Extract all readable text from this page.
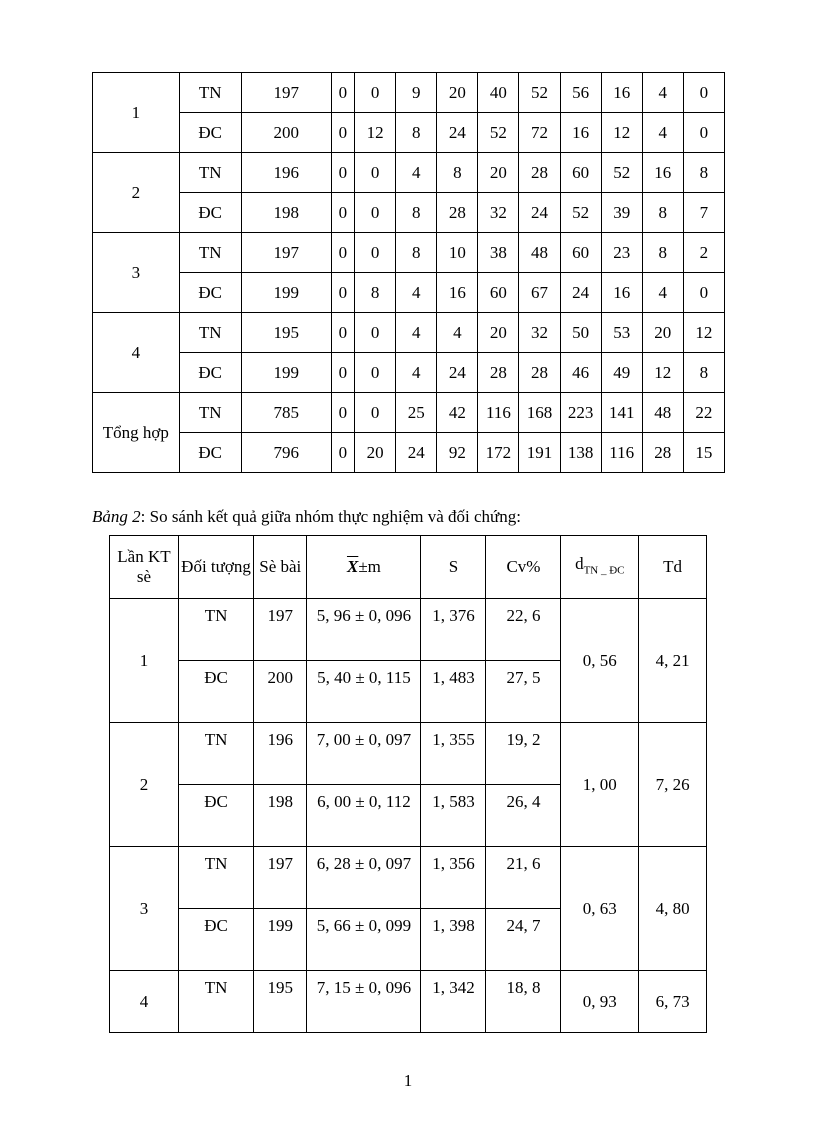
1	TN	197	0	0	9	20	40	52	56	16	4	0
	ĐC	200	0	12	8	24	52	72	16	12	4	0
2	TN	196	0	0	4	8	20	28	60	52	16	8
	ĐC	198	0	0	8	28	32	24	52	39	8	7
3	TN	197	0	0	8	10	38	48	60	23	8	2
	ĐC	199	0	8	4	16	60	67	24	16	4	0
4	TN	195	0	0	4	4	20	32	50	53	20	12
	ĐC	199	0	0	4	24	28	28	46	49	12	8
Tổng hợp	TN	785	0	0	25	42	116	168	223	141	48	22
	ĐC	796	0	20	24	92	172	191	138	116	28	15
Bảng 2: So sánh kết quả giữa nhóm thực nghiệm và đối chứng:
Lần KT sè	Đối tượng	Sè bài	$\overline{X}\pm m$	S	Cv%	$d_{TN \_ ĐC}$	Td
1	TN	197	5, 96 ± 0, 096	1, 376	22, 6	0, 56	4, 21
	ĐC	200	5, 40 ± 0, 115	1, 483	27, 5		
2	TN	196	7, 00 ± 0, 097	1, 355	19, 2	1, 00	7, 26
	ĐC	198	6, 00 ± 0, 112	1, 583	26, 4		
3	TN	197	6, 28 ± 0, 097	1, 356	21, 6	0, 63	4, 80
	ĐC	199	5, 66 ± 0, 099	1, 398	24, 7		
4	TN	195	7, 15 ± 0, 096	1, 342	18, 8	0, 93	6, 73
1
